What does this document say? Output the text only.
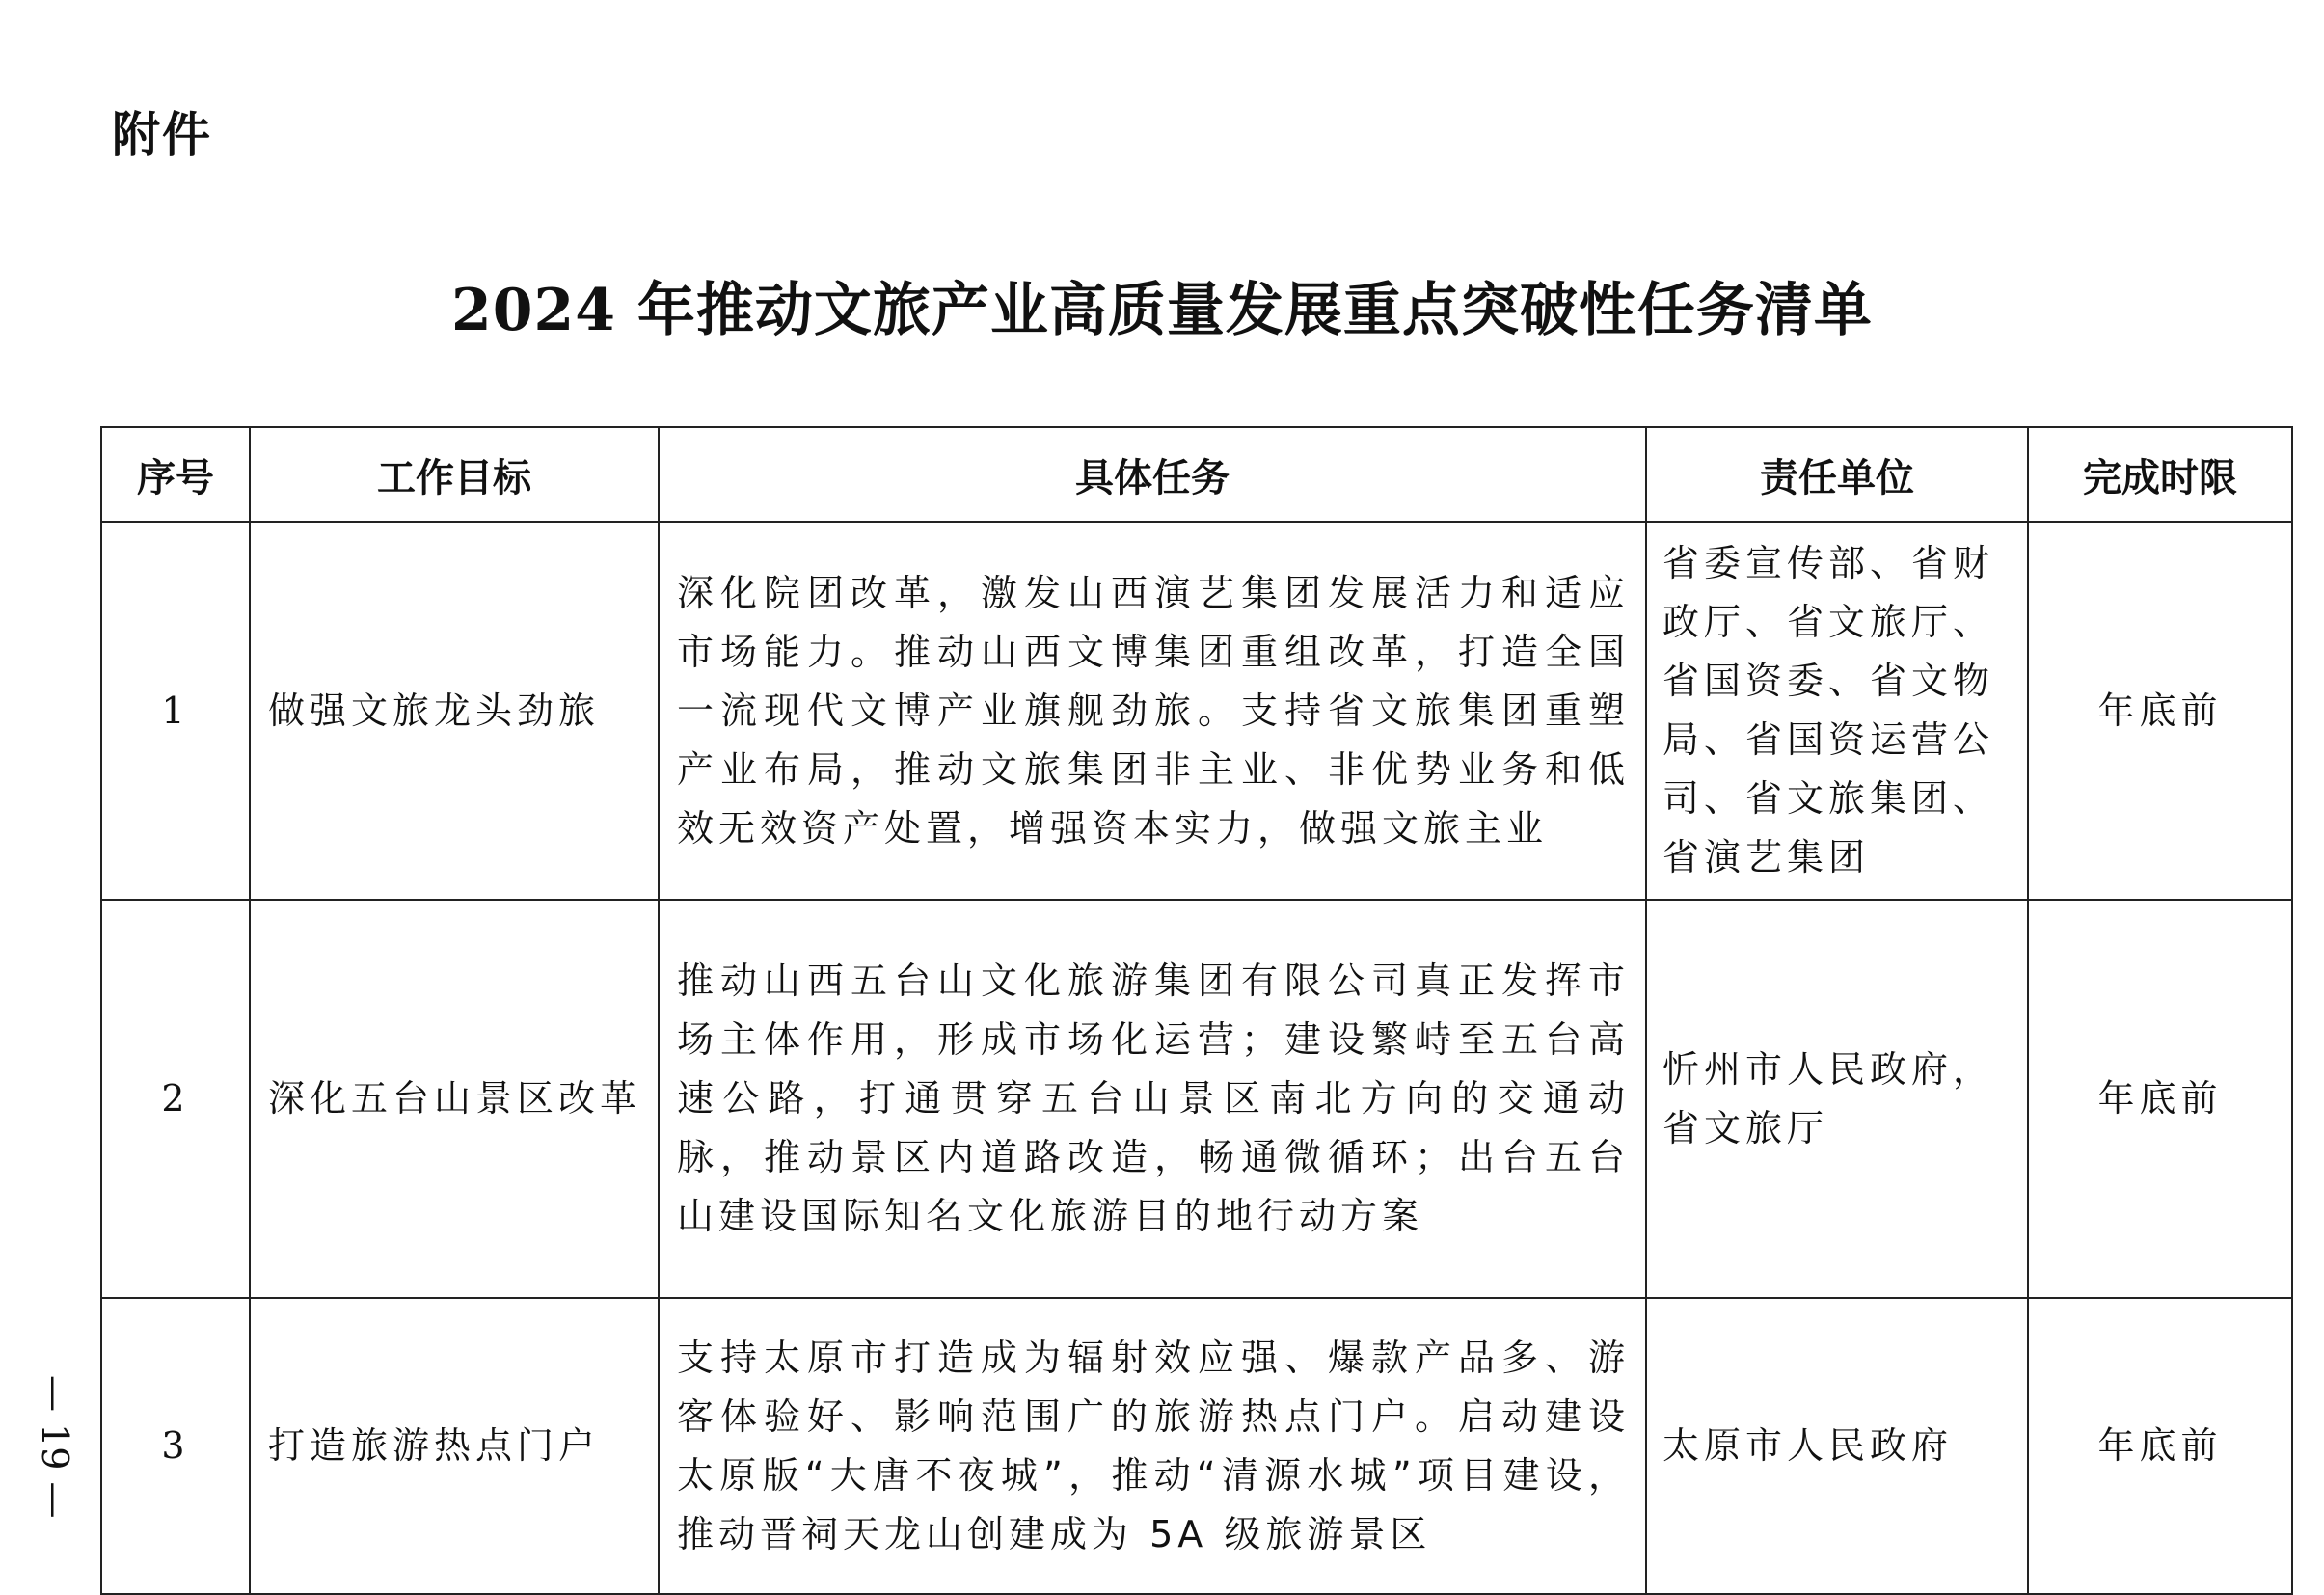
附件
2024 年推动文旅产业高质量发展重点突破性任务清单
序号	工作目标	具体任务	责任单位	完成时限
1	做强文旅龙头劲旅	深化院团改革，激发山西演艺集团发展活力和适应市场能力。推动山西文博集团重组改革，打造全国一流现代文博产业旗舰劲旅。支持省文旅集团重塑产业布局，推动文旅集团非主业、非优势业务和低效无效资产处置，增强资本实力，做强文旅主业	省委宣传部、省财政厅、省文旅厅、省国资委、省文物局、省国资运营公司、省文旅集团、省演艺集团	年底前
2	深化五台山景区改革	推动山西五台山文化旅游集团有限公司真正发挥市场主体作用，形成市场化运营；建设繁峙至五台高速公路，打通贯穿五台山景区南北方向的交通动脉，推动景区内道路改造，畅通微循环；出台五台山建设国际知名文化旅游目的地行动方案	忻州市人民政府，省文旅厅	年底前
3	打造旅游热点门户	支持太原市打造成为辐射效应强、爆款产品多、游客体验好、影响范围广的旅游热点门户。启动建设太原版“大唐不夜城”，推动“清源水城”项目建设，推动晋祠天龙山创建成为 5A 级旅游景区	太原市人民政府	年底前
— 19 —
